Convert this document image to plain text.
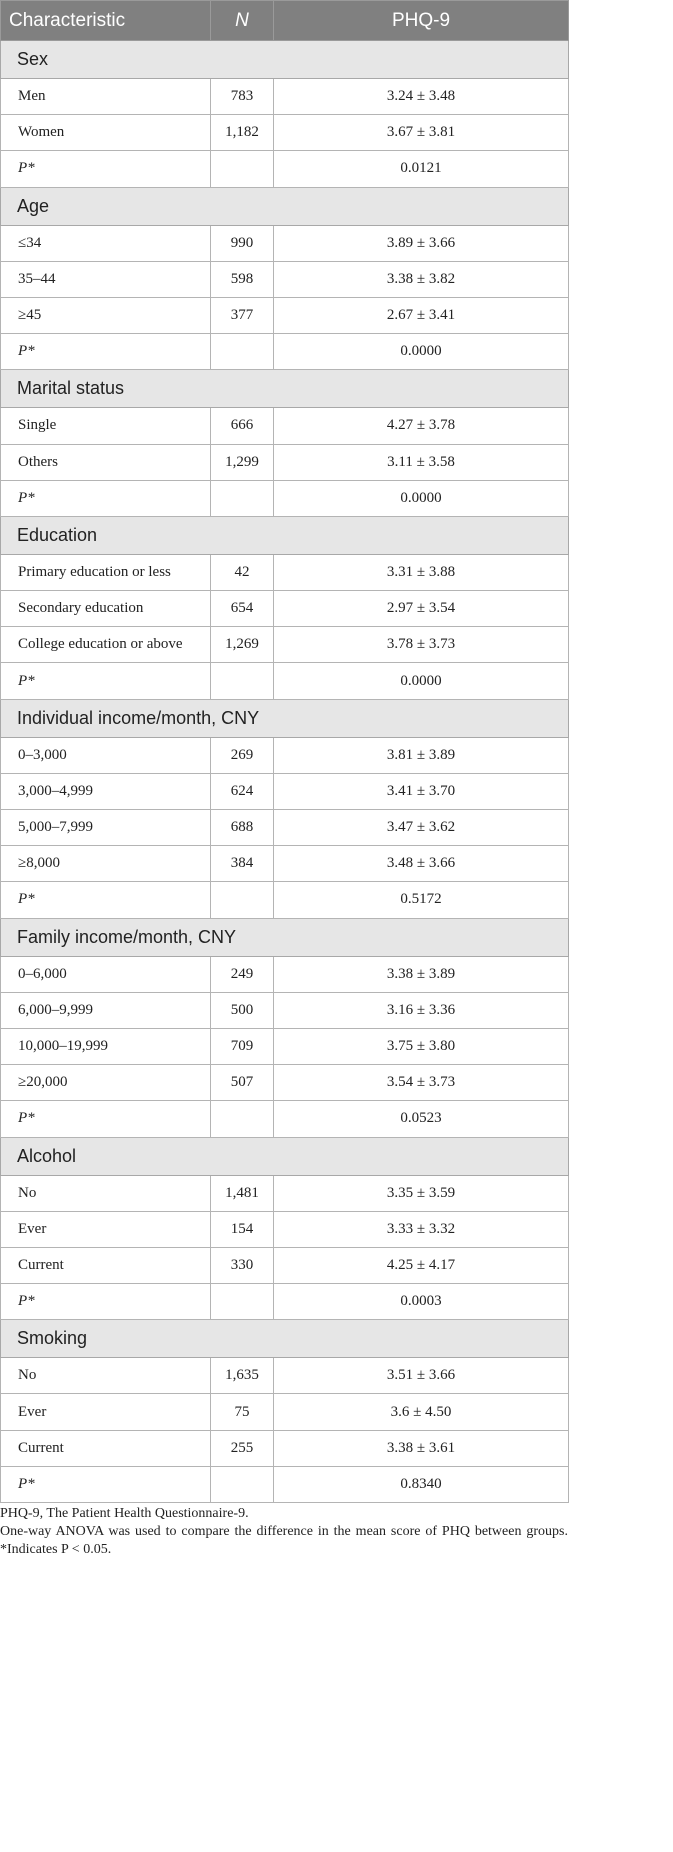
Characteristic	N	PHQ-9
Sex		
Men	783	3.24 ± 3.48
Women	1,182	3.67 ± 3.81
P*		0.0121
Age		
≤34	990	3.89 ± 3.66
35–44	598	3.38 ± 3.82
≥45	377	2.67 ± 3.41
P*		0.0000
Marital status		
Single	666	4.27 ± 3.78
Others	1,299	3.11 ± 3.58
P*		0.0000
Education		
Primary education or less	42	3.31 ± 3.88
Secondary education	654	2.97 ± 3.54
College education or above	1,269	3.78 ± 3.73
P*		0.0000
Individual income/month, CNY		
0–3,000	269	3.81 ± 3.89
3,000–4,999	624	3.41 ± 3.70
5,000–7,999	688	3.47 ± 3.62
≥8,000	384	3.48 ± 3.66
P*		0.5172
Family income/month, CNY		
0–6,000	249	3.38 ± 3.89
6,000–9,999	500	3.16 ± 3.36
10,000–19,999	709	3.75 ± 3.80
≥20,000	507	3.54 ± 3.73
P*		0.0523
Alcohol		
No	1,481	3.35 ± 3.59
Ever	154	3.33 ± 3.32
Current	330	4.25 ± 4.17
P*		0.0003
Smoking		
No	1,635	3.51 ± 3.66
Ever	75	3.6 ± 4.50
Current	255	3.38 ± 3.61
P*		0.8340

PHQ-9, The Patient Health Questionnaire-9.

One-way ANOVA was used to compare the difference in the mean score of PHQ between groups. *Indicates P < 0.05.
